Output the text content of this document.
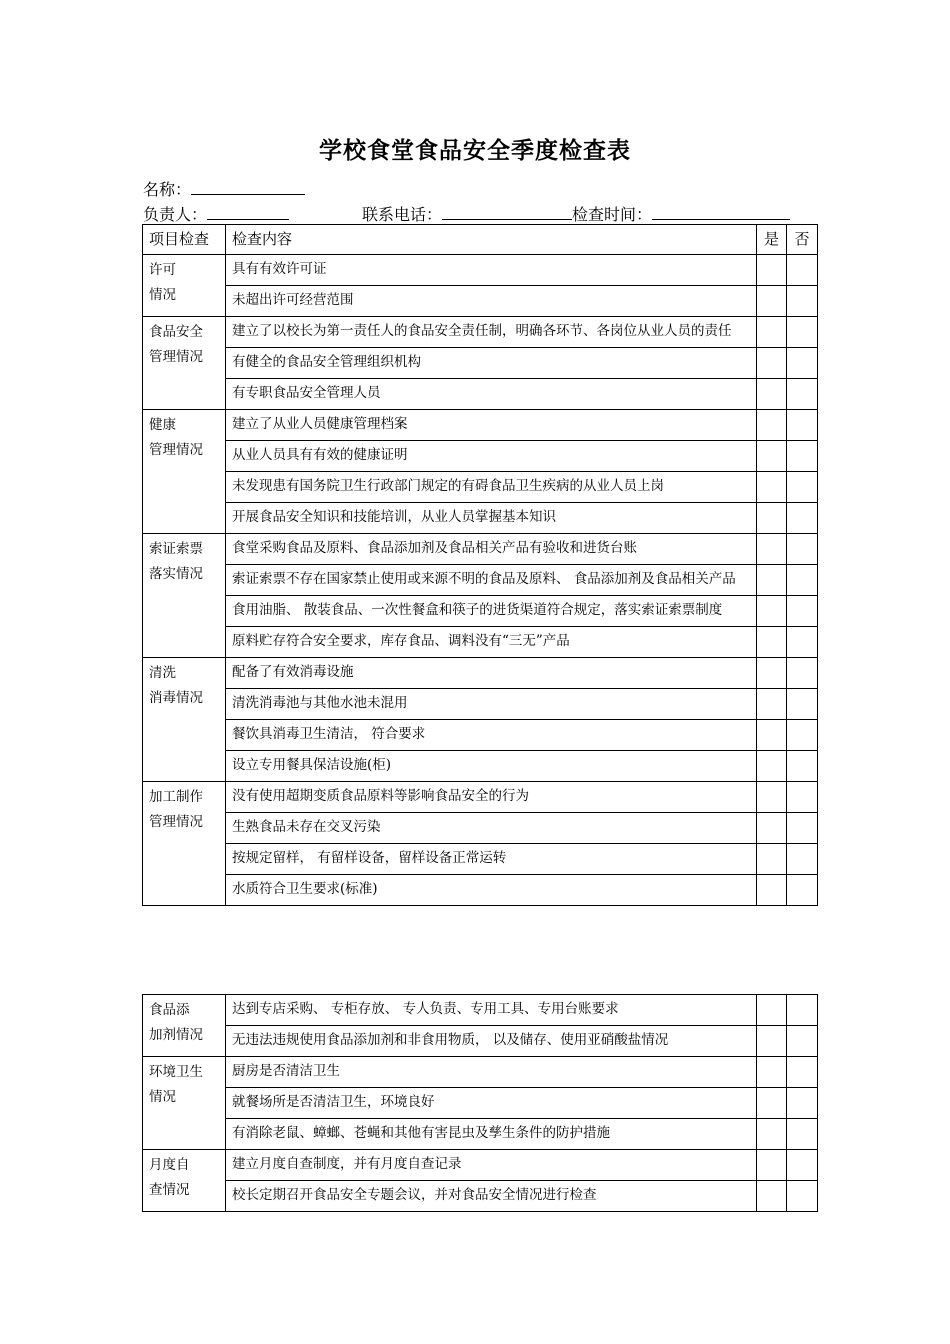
学校食堂食品安全季度检查表
名称：
负责人：	联系电话：	检查时间：
项目检查	检查内容	是	否
许可
情况	具有有效许可证		
	未超出许可经营范围		
食品安全
管理情况	建立了以校长为第一责任人的食品安全责任制，明确各环节、各岗位从业人员的责任		
	有健全的食品安全管理组织机构		
	有专职食品安全管理人员		
健康
管理情况	建立了从业人员健康管理档案		
	从业人员具有有效的健康证明		
	未发现患有国务院卫生行政部门规定的有碍食品卫生疾病的从业人员上岗		
	开展食品安全知识和技能培训，从业人员掌握基本知识		
索证索票
落实情况	食堂采购食品及原料、食品添加剂及食品相关产品有验收和进货台账		
	索证索票不存在国家禁止使用或来源不明的食品及原料、 食品添加剂及食品相关产品		
	食用油脂、 散装食品、一次性餐盒和筷子的进货渠道符合规定，落实索证索票制度		
	原料贮存符合安全要求，库存食品、调料没有“三无”产品		
清洗
消毒情况	配备了有效消毒设施		
	清洗消毒池与其他水池未混用		
	餐饮具消毒卫生清洁， 符合要求		
	设立专用餐具保洁设施(柜)		
加工制作
管理情况	没有使用超期变质食品原料等影响食品安全的行为		
	生熟食品未存在交叉污染		
	按规定留样， 有留样设备，留样设备正常运转		
	水质符合卫生要求(标准)		
食品添
加剂情况	达到专店采购、 专柜存放、 专人负责、专用工具、专用台账要求		
	无违法违规使用食品添加剂和非食用物质， 以及储存、使用亚硝酸盐情况		
环境卫生
情况	厨房是否清洁卫生		
	就餐场所是否清洁卫生，环境良好		
	有消除老鼠、蟑螂、苍蝇和其他有害昆虫及孳生条件的防护措施		
月度自
查情况	建立月度自查制度，并有月度自查记录		
	校长定期召开食品安全专题会议，并对食品安全情况进行检查		
